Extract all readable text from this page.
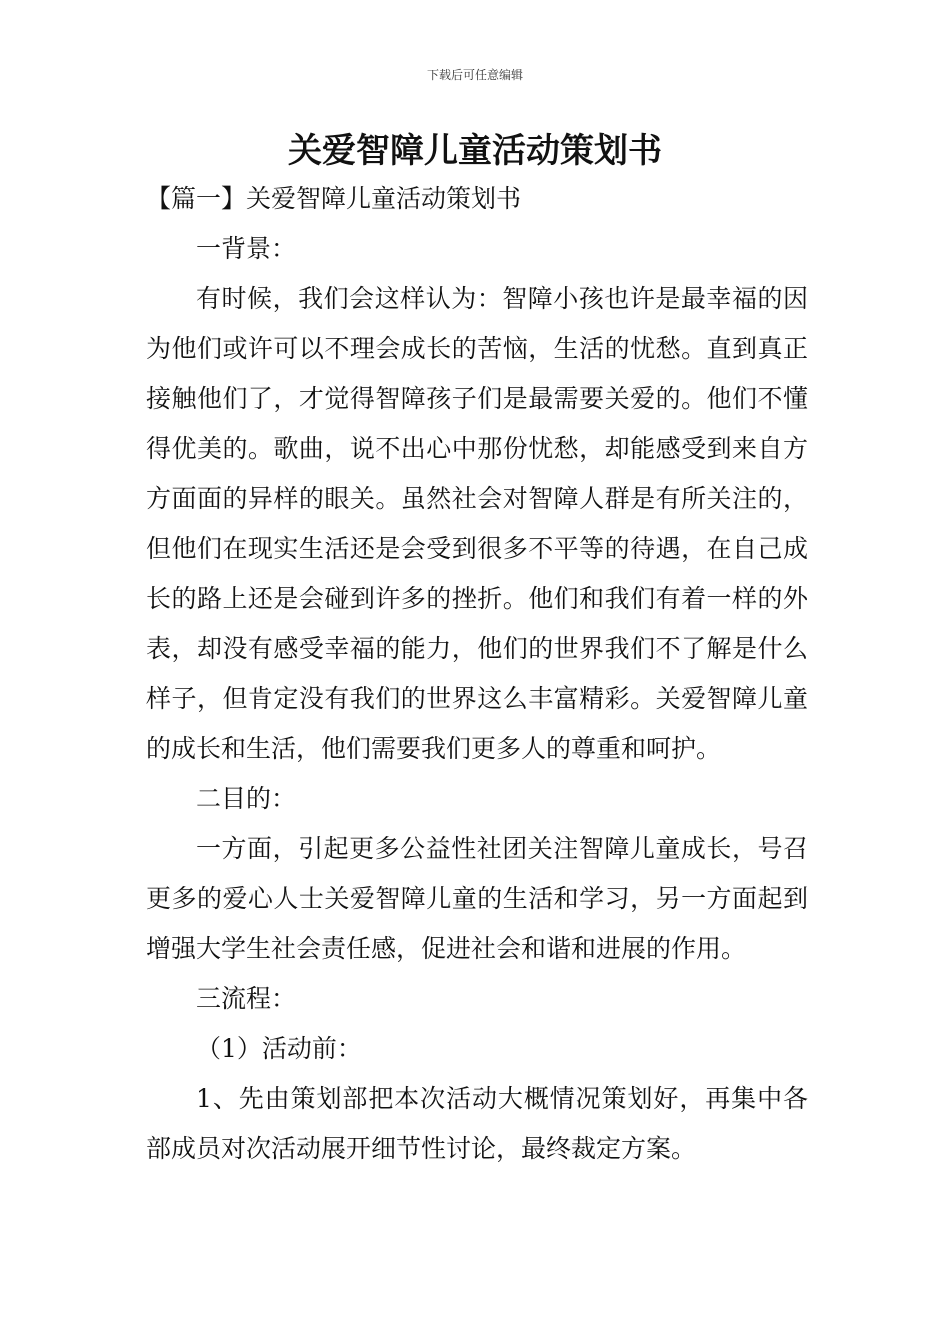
下载后可任意编辑
关爱智障儿童活动策划书
【篇一】关爱智障儿童活动策划书

一背景：

有时候，我们会这样认为：智障小孩也许是最幸福的因为他们或许可以不理会成长的苦恼，生活的忧愁。直到真正接触他们了，才觉得智障孩子们是最需要关爱的。他们不懂得优美的。歌曲，说不出心中那份忧愁，却能感受到来自方方面面的异样的眼关。虽然社会对智障人群是有所关注的，但他们在现实生活还是会受到很多不平等的待遇，在自己成长的路上还是会碰到许多的挫折。他们和我们有着一样的外表，却没有感受幸福的能力，他们的世界我们不了解是什么样子，但肯定没有我们的世界这么丰富精彩。关爱智障儿童的成长和生活，他们需要我们更多人的尊重和呵护。

二目的：

一方面，引起更多公益性社团关注智障儿童成长，号召更多的爱心人士关爱智障儿童的生活和学习，另一方面起到增强大学生社会责任感，促进社会和谐和进展的作用。

三流程：

（1）活动前：

1、先由策划部把本次活动大概情况策划好，再集中各部成员对次活动展开细节性讨论，最终裁定方案。
